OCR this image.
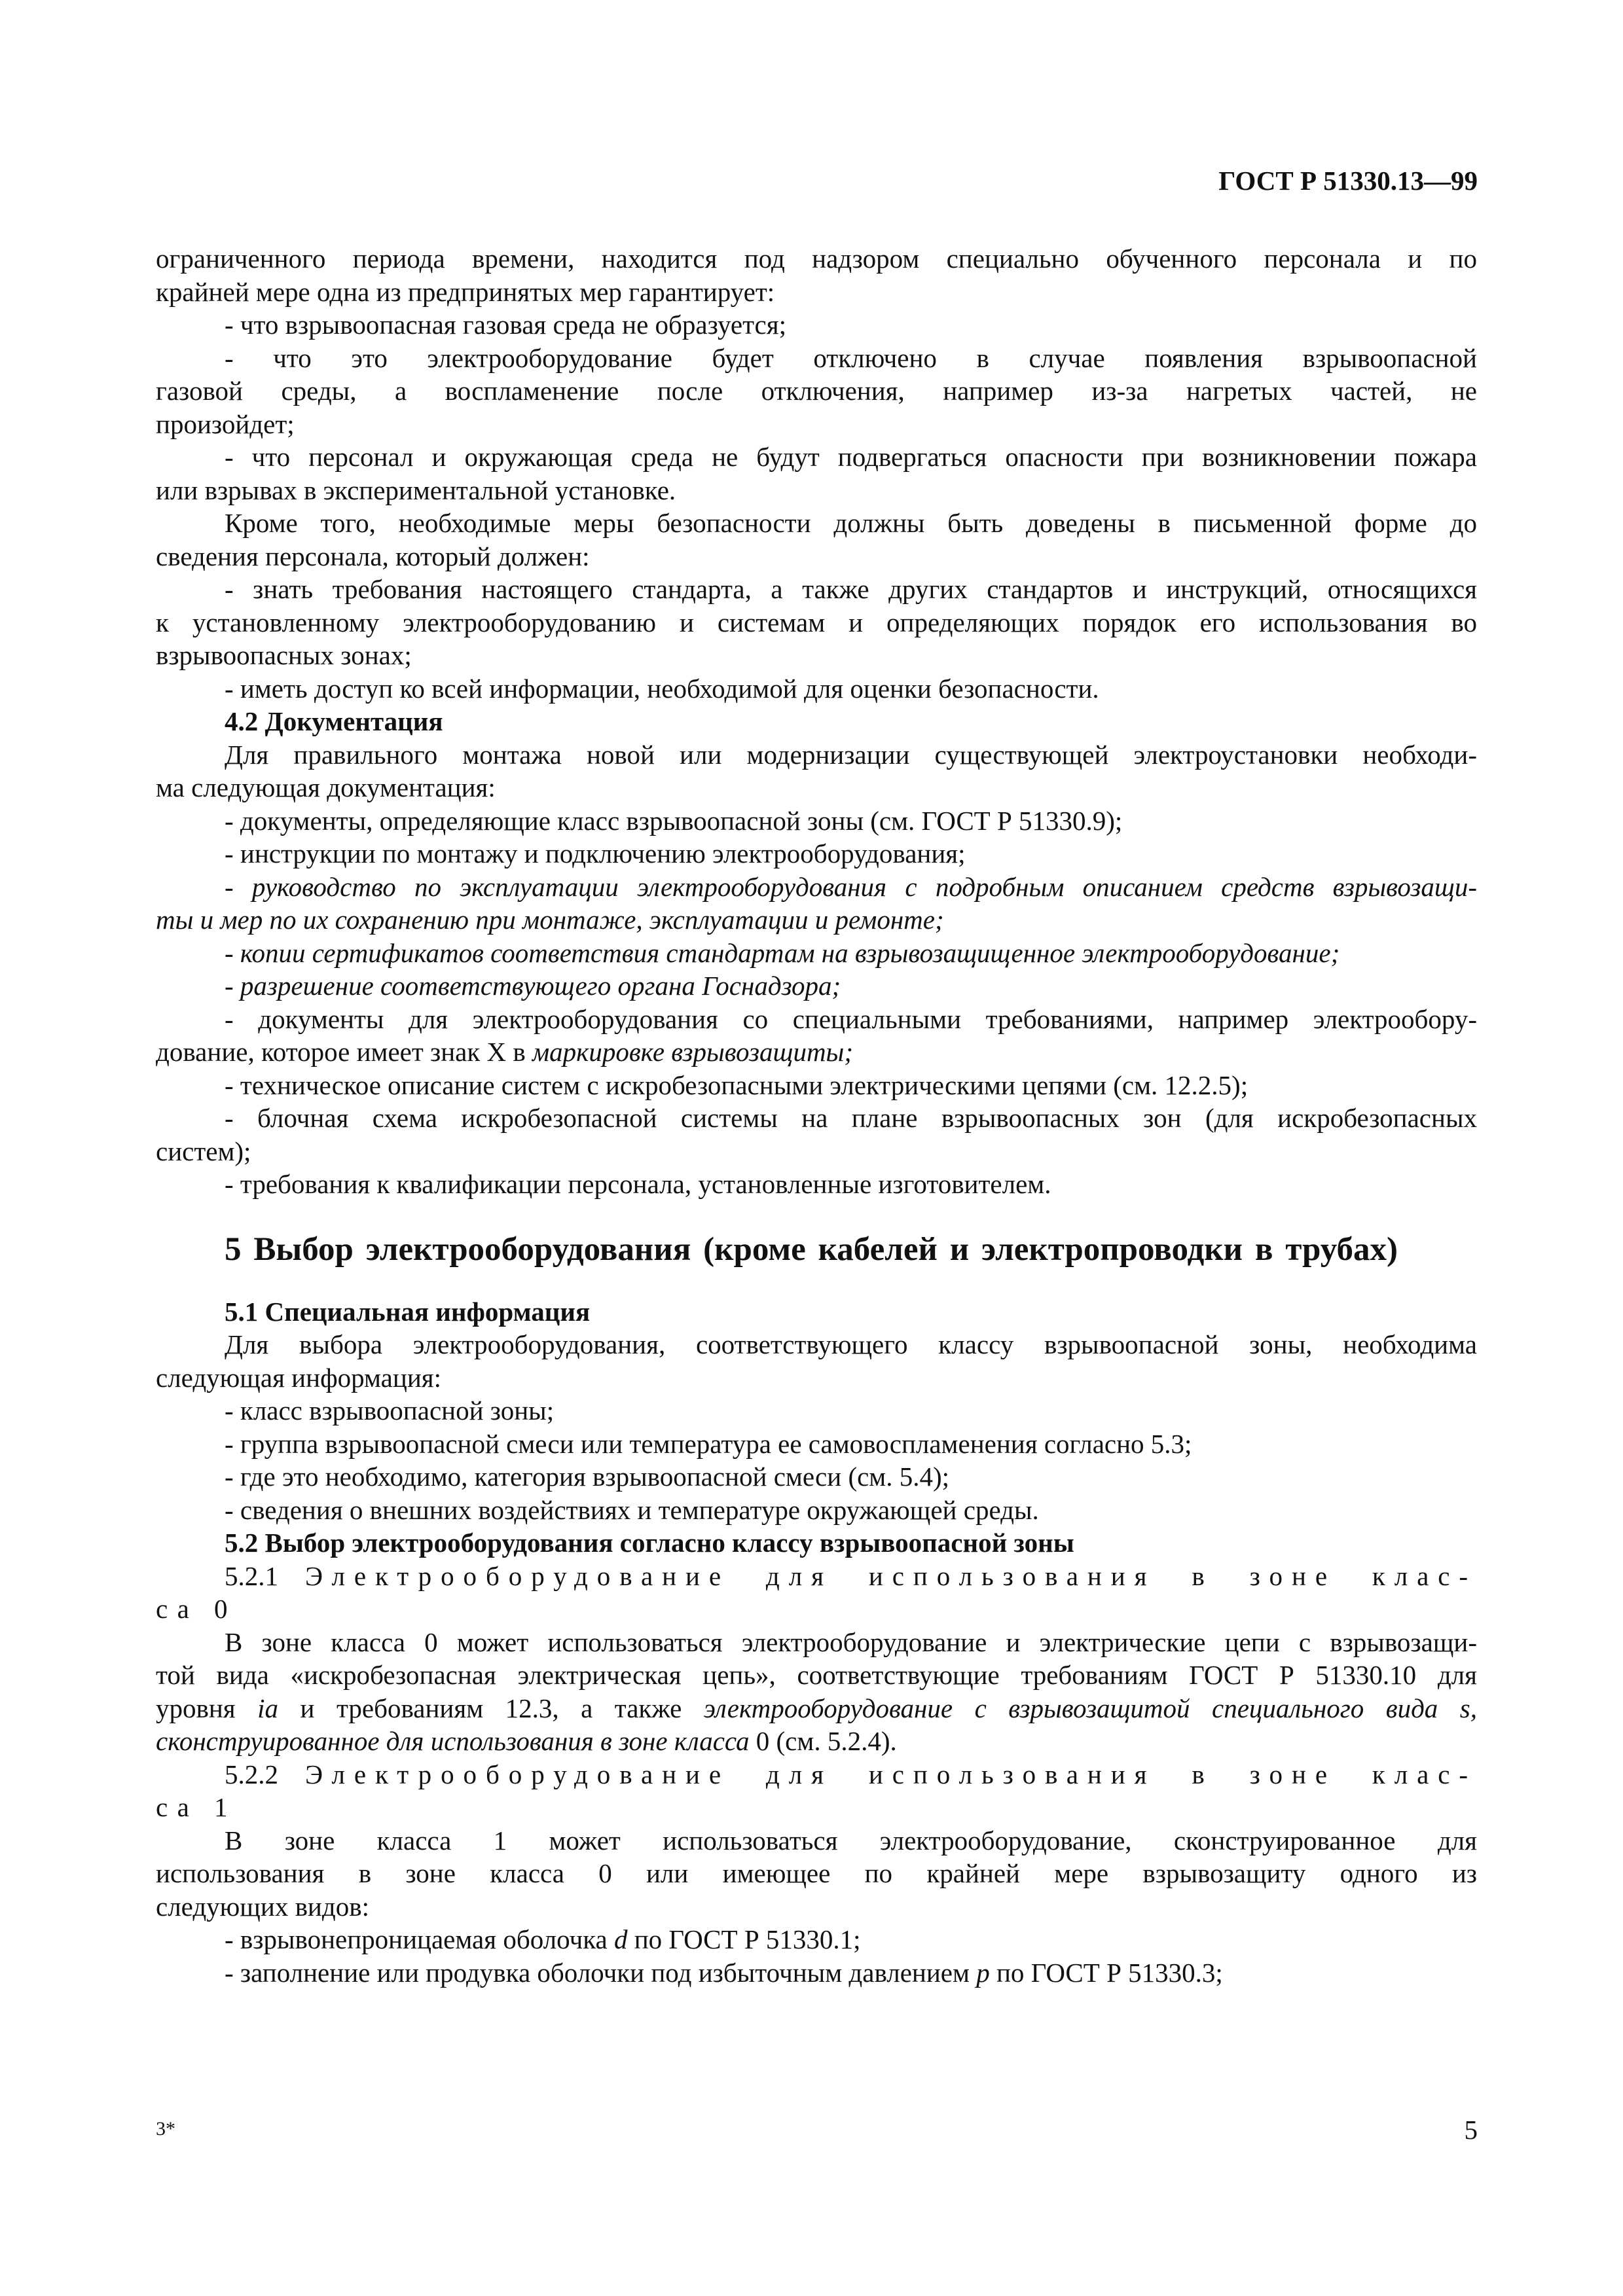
ГОСТ Р 51330.13—99
ограниченного периода времени, находится под надзором специально обученного персонала и по
крайней мере одна из предпринятых мер гарантирует:
- что взрывоопасная газовая среда не образуется;
- что это электрооборудование будет отключено в случае появления взрывоопасной
газовой среды, а воспламенение после отключения, например из-за нагретых частей, не
произойдет;
- что персонал и окружающая среда не будут подвергаться опасности при возникновении пожара
или взрывах в экспериментальной установке.
Кроме того, необходимые меры безопасности должны быть доведены в письменной форме до
сведения персонала, который должен:
- знать требования настоящего стандарта, а также других стандартов и инструкций, относящихся
к установленному электрооборудованию и системам и определяющих порядок его использования во
взрывоопасных зонах;
- иметь доступ ко всей информации, необходимой для оценки безопасности.
4.2 Документация
Для правильного монтажа новой или модернизации существующей электроустановки необходи-
ма следующая документация:
- документы, определяющие класс взрывоопасной зоны (см. ГОСТ Р 51330.9);
- инструкции по монтажу и подключению электрооборудования;
- руководство по эксплуатации электрооборудования с подробным описанием средств взрывозащи-
ты и мер по их сохранению при монтаже, эксплуатации и ремонте;
- копии сертификатов соответствия стандартам на взрывозащищенное электрооборудование;
- разрешение соответствующего органа Госнадзора;
- документы для электрооборудования со специальными требованиями, например электрообору-
дование, которое имеет знак X в маркировке взрывозащиты;
- техническое описание систем с искробезопасными электрическими цепями (см. 12.2.5);
- блочная схема искробезопасной системы на плане взрывоопасных зон (для искробезопасных
систем);
- требования к квалификации персонала, установленные изготовителем.
5 Выбор электрооборудования (кроме кабелей и электропроводки в трубах)
5.1 Специальная информация
Для выбора электрооборудования, соответствующего классу взрывоопасной зоны, необходима
следующая информация:
- класс взрывоопасной зоны;
- группа взрывоопасной смеси или температура ее самовоспламенения согласно 5.3;
- где это необходимо, категория взрывоопасной смеси (см. 5.4);
- сведения о внешних воздействиях и температуре окружающей среды.
5.2 Выбор электрооборудования согласно классу взрывоопасной зоны
5.2.1 Электрооборудование для использования в зоне клас-
са 0
В зоне класса 0 может использоваться электрооборудование и электрические цепи с взрывозащи-
той вида «искробезопасная электрическая цепь», соответствующие требованиям ГОСТ Р 51330.10 для
уровня ia и требованиям 12.3, а также электрооборудование с взрывозащитой специального вида s,
сконструированное для использования в зоне класса 0 (см. 5.2.4).
5.2.2 Электрооборудование для использования в зоне клас-
са 1
В зоне класса 1 может использоваться электрооборудование, сконструированное для
использования в зоне класса 0 или имеющее по крайней мере взрывозащиту одного из
следующих видов:
- взрывонепроницаемая оболочка d по ГОСТ Р 51330.1;
- заполнение или продувка оболочки под избыточным давлением р по ГОСТ Р 51330.3;
3*	5
